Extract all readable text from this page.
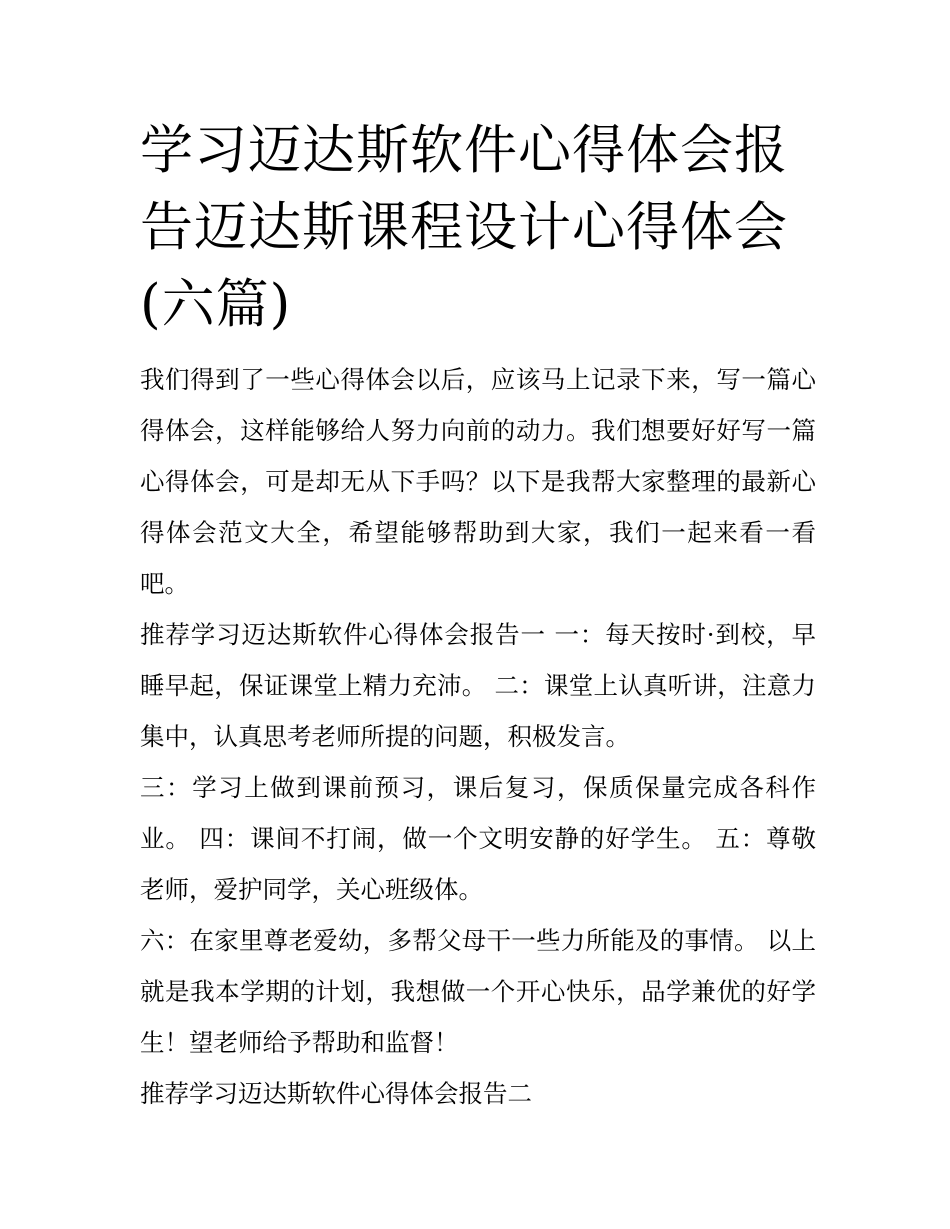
学习迈达斯软件心得体会报告迈达斯课程设计心得体会(六篇)

我们得到了一些心得体会以后，应该马上记录下来，写一篇心得体会，这样能够给人努力向前的动力。我们想要好好写一篇心得体会，可是却无从下手吗？以下是我帮大家整理的最新心得体会范文大全，希望能够帮助到大家，我们一起来看一看吧。

推荐学习迈达斯软件心得体会报告一 一：每天按时·到校，早睡早起，保证课堂上精力充沛。 二：课堂上认真听讲，注意力集中，认真思考老师所提的问题，积极发言。

三：学习上做到课前预习，课后复习，保质保量完成各科作业。 四：课间不打闹，做一个文明安静的好学生。 五：尊敬老师，爱护同学，关心班级体。

六：在家里尊老爱幼，多帮父母干一些力所能及的事情。 以上就是我本学期的计划，我想做一个开心快乐，品学兼优的好学生！望老师给予帮助和监督！

推荐学习迈达斯软件心得体会报告二
